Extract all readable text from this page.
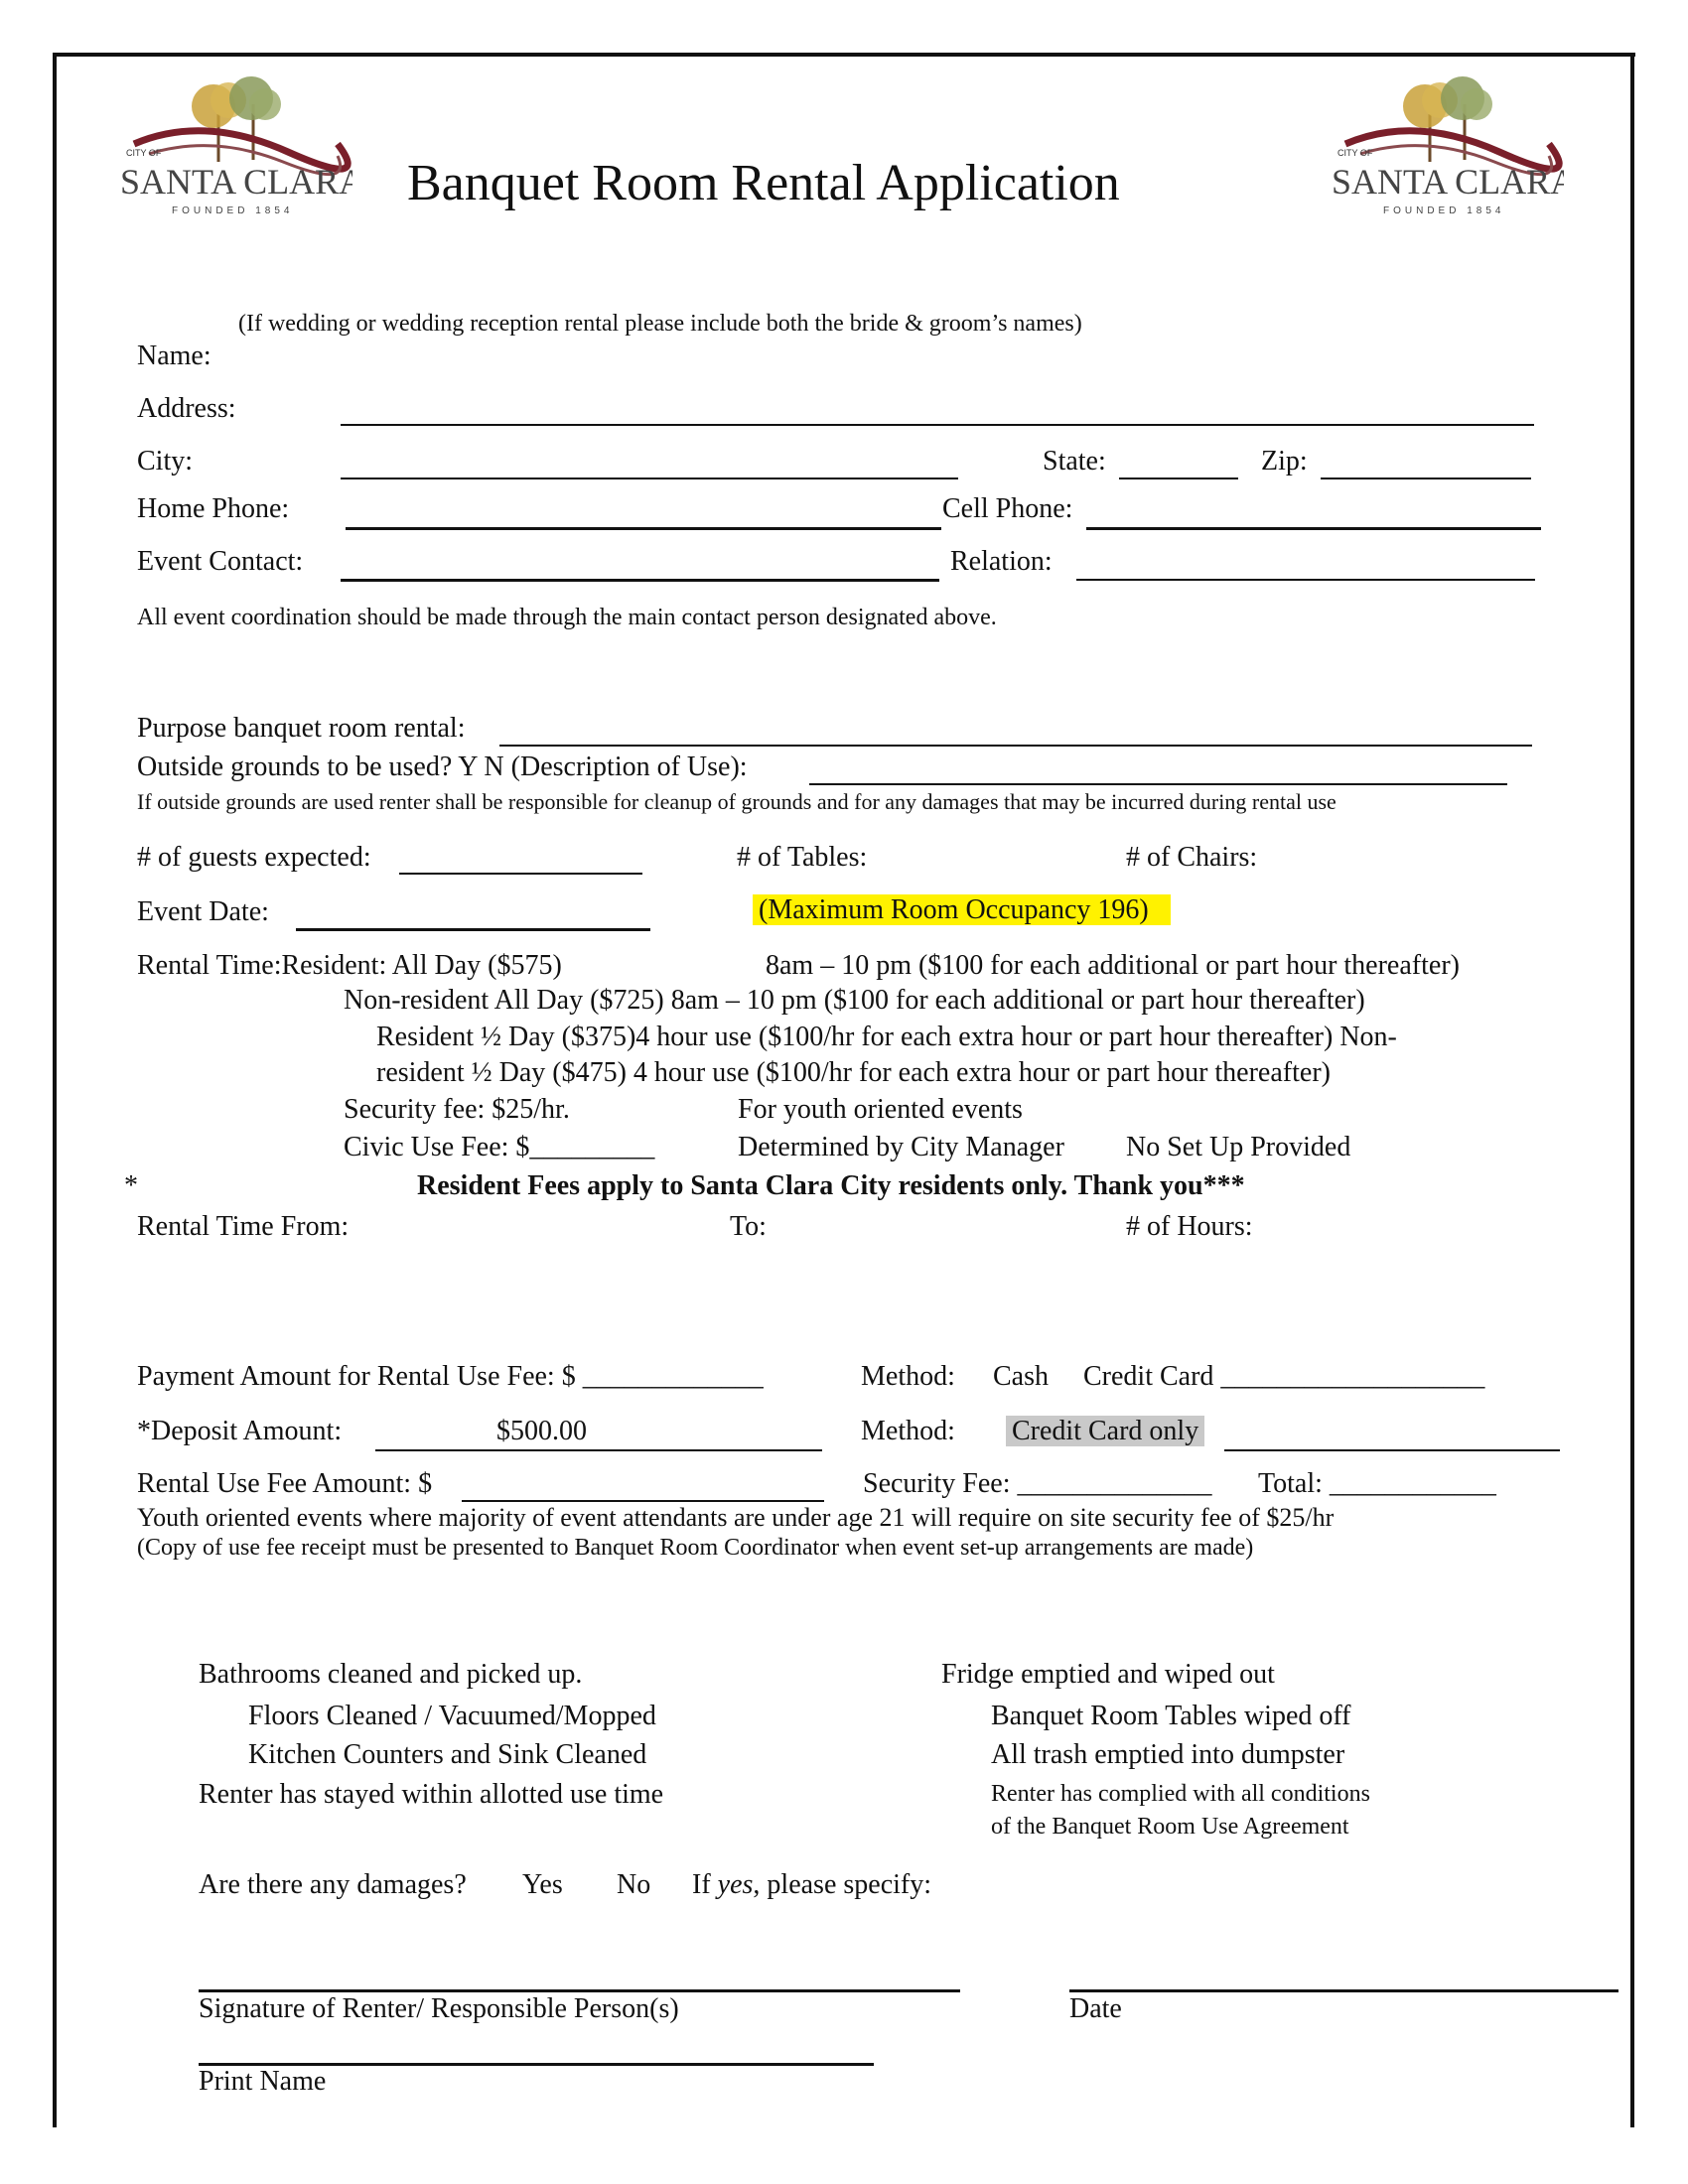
CITY OF
SANTA CLARA
FOUNDED 1854
CITY OF
SANTA CLARA
FOUNDED 1854
Banquet Room Rental Application
(If wedding or wedding reception rental please include both the bride & groom’s names)
Name:
Address:
City:	State:	Zip:
Home Phone:	Cell Phone:
Event Contact:	Relation:
All event coordination should be made through the main contact person designated above.
Purpose banquet room rental:
Outside grounds to be used? Y N (Description of Use):
If outside grounds are used renter shall be responsible for cleanup of grounds and for any damages that may be incurred during rental use
# of guests expected:	# of Tables:	# of Chairs:
Event Date:	(Maximum Room Occupancy 196)
Rental Time:Resident: All Day ($575)	8am – 10 pm ($100 for each additional or part hour thereafter)
Non-resident All Day ($725) 8am – 10 pm ($100 for each additional or part hour thereafter)
Resident ½ Day ($375)4 hour use ($100/hr for each extra hour or part hour thereafter) Non-
resident ½ Day ($475) 4 hour use ($100/hr for each extra hour or part hour thereafter)
Security fee: $25/hr.	For youth oriented events
Civic Use Fee: $_________	Determined by City Manager No Set Up Provided
*	Resident Fees apply to Santa Clara City residents only. Thank you***
Rental Time From:	To:	# of Hours:
Payment Amount for Rental Use Fee: $ _____________	Method: Cash Credit Card ___________________
*Deposit Amount:	$500.00	Method: Credit Card only
Rental Use Fee Amount: $	Security Fee: ______________ Total: ____________
Youth oriented events where majority of event attendants are under age 21 will require on site security fee of $25/hr
(Copy of use fee receipt must be presented to Banquet Room Coordinator when event set-up arrangements are made)
Bathrooms cleaned and picked up.
Floors Cleaned / Vacuumed/Mopped
Kitchen Counters and Sink Cleaned
Renter has stayed within allotted use time
Fridge emptied and wiped out
Banquet Room Tables wiped off
All trash emptied into dumpster
Renter has complied with all conditions
of the Banquet Room Use Agreement
Are there any damages? Yes No If yes, please specify:
Signature of Renter/ Responsible Person(s)	Date
Print Name
